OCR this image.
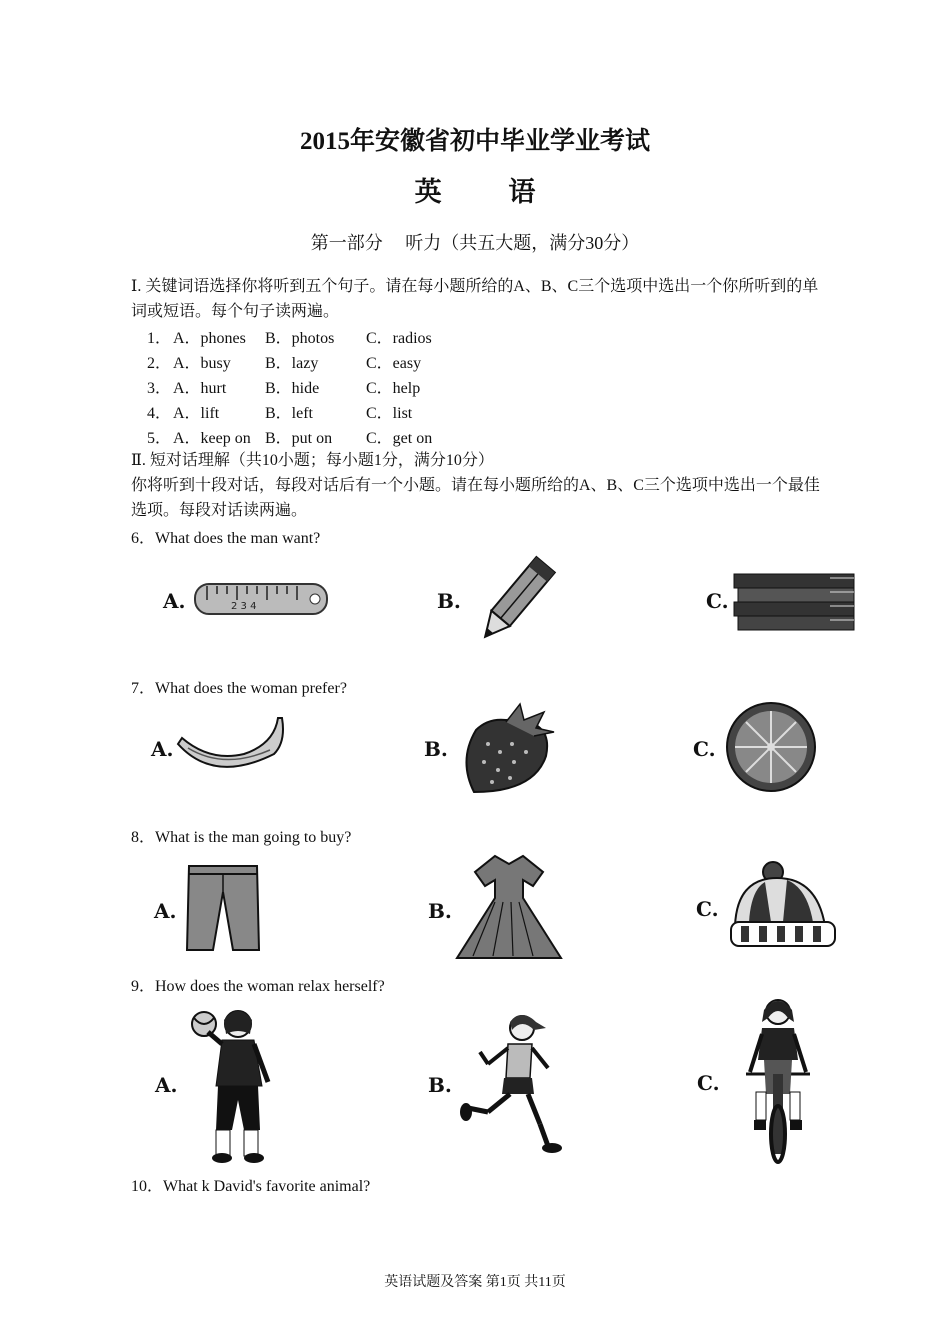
2015年安徽省初中毕业学业考试
英 语
第一部分　 听力（共五大题，满分30分）
Ⅰ. 关键词语选择你将听到五个句子。请在每小题所给的A、B、C三个选项中选出一个你所听到的单词或短语。每个句子读两遍。
1． A．phones B．photos C．radios
2． A．busy B．lazy	C．easy
3． A．hurt B．hide	C．help
4． A．lift	B．left	C．list
5． A．keep on B．put on C．get on
Ⅱ. 短对话理解（共10小题；每小题1分，满分10分）
你将听到十段对话，每段对话后有一个小题。请在每小题所给的A、B、C三个选项中选出一个最佳选项。每段对话读两遍。
6．What does the man want?
A.	2 3 4	B.	C.
7．What does the woman prefer?
A.	B.	C.
8．What is the man going to buy?
A.	B.	C.
9．How does the woman relax herself?
A.	B.	C.
10．What k David's favorite animal?
英语试题及答案 第1页 共11页
